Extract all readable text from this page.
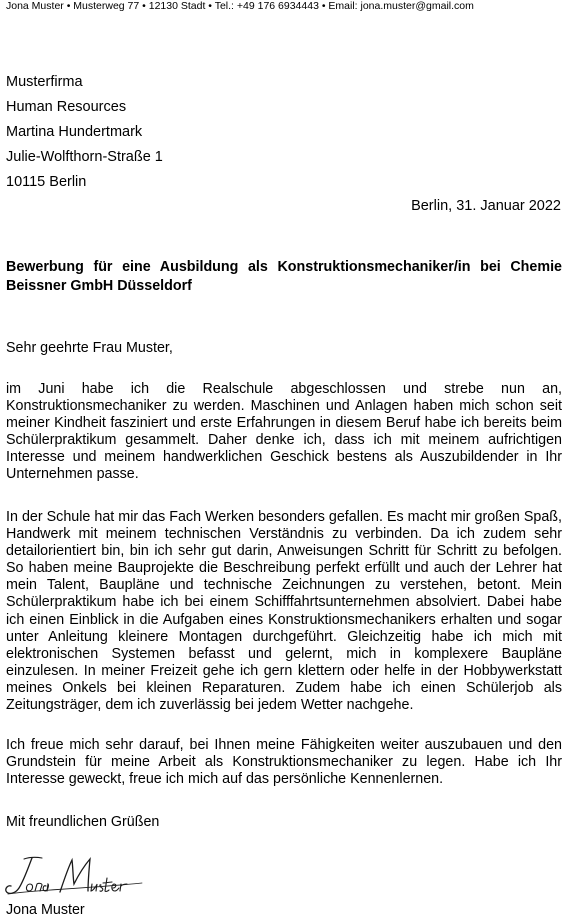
Jona Muster • Musterweg 77 • 12130 Stadt • Tel.: +49 176 6934443 • Email: jona.muster@gmail.com
Musterfirma
Human Resources
Martina Hundertmark
Julie-Wolfthorn-Straße 1
10115 Berlin
Berlin, 31. Januar 2022
Bewerbung für eine Ausbildung als Konstruktionsmechaniker/in bei Chemie Beissner GmbH Düsseldorf
Sehr geehrte Frau Muster,
im Juni habe ich die Realschule abgeschlossen und strebe nun an, Konstruktionsmechaniker zu werden. Maschinen und Anlagen haben mich schon seit meiner Kindheit fasziniert und erste Erfahrungen in diesem Beruf habe ich bereits beim Schülerpraktikum gesammelt. Daher denke ich, dass ich mit meinem aufrichtigen Interesse und meinem handwerklichen Geschick bestens als Auszubildender in Ihr Unternehmen passe.
In der Schule hat mir das Fach Werken besonders gefallen. Es macht mir großen Spaß, Handwerk mit meinem technischen Verständnis zu verbinden. Da ich zudem sehr detailorientiert bin, bin ich sehr gut darin, Anweisungen Schritt für Schritt zu befolgen. So haben meine Bauprojekte die Beschreibung perfekt erfüllt und auch der Lehrer hat mein Talent, Baupläne und technische Zeichnungen zu verstehen, betont. Mein Schülerpraktikum habe ich bei einem Schifffahrtsunternehmen absolviert. Dabei habe ich einen Einblick in die Aufgaben eines Konstruktionsmechanikers erhalten und sogar unter Anleitung kleinere Montagen durchgeführt. Gleichzeitig habe ich mich mit elektronischen Systemen befasst und gelernt, mich in komplexere Baupläne einzulesen. In meiner Freizeit gehe ich gern klettern oder helfe in der Hobbywerkstatt meines Onkels bei kleinen Reparaturen. Zudem habe ich einen Schülerjob als Zeitungsträger, dem ich zuverlässig bei jedem Wetter nachgehe.
Ich freue mich sehr darauf, bei Ihnen meine Fähigkeiten weiter auszubauen und den Grundstein für meine Arbeit als Konstruktionsmechaniker zu legen. Habe ich Ihr Interesse geweckt, freue ich mich auf das persönliche Kennenlernen.
Mit freundlichen Grüßen
Jona Muster
